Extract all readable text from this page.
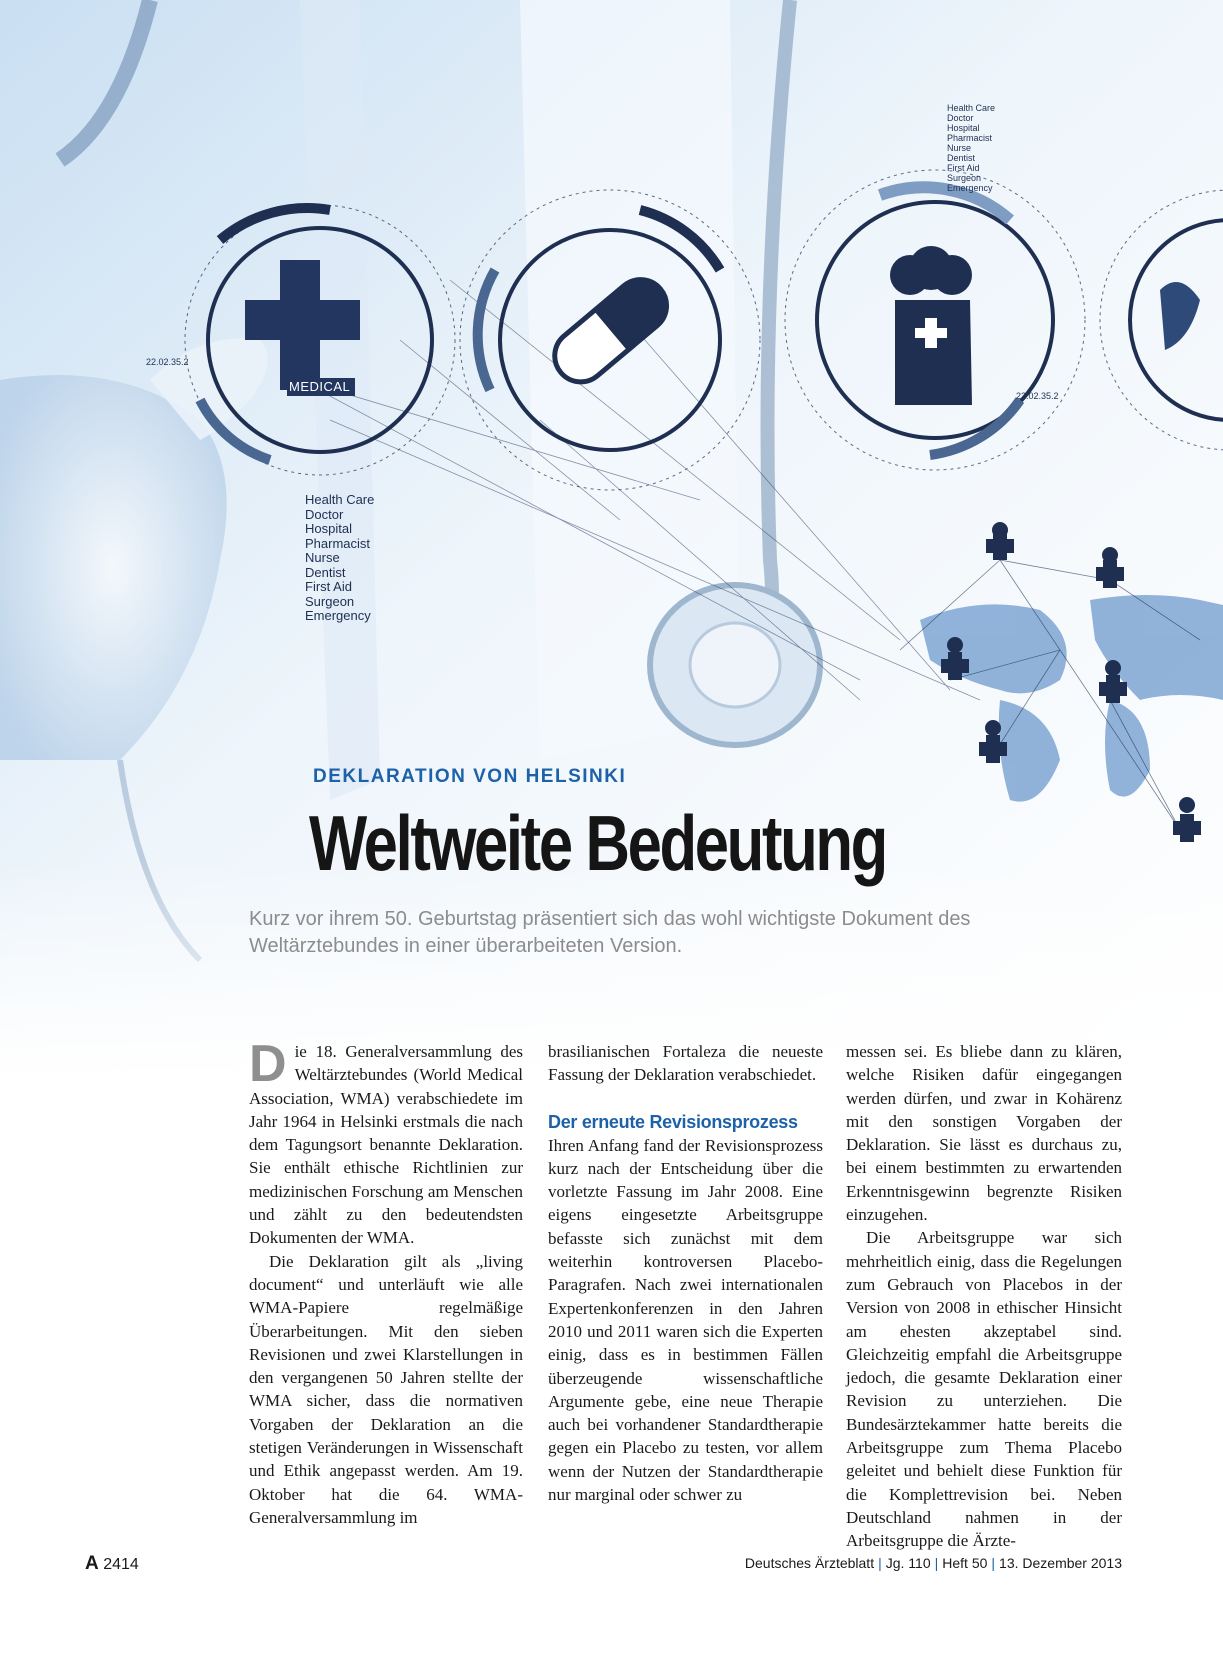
MEDICAL
22.02.35.2
22.02.35.2
Health Care
Doctor
Hospital
Pharmacist
Nurse
Dentist
First Aid
Surgeon
Emergency
Health Care
Doctor
Hospital
Pharmacist
Nurse
Dentist
First Aid
Surgeon
Emergency
DEKLARATION VON HELSINKI
Weltweite Bedeutung

Kurz vor ihrem 50. Geburtstag präsentiert sich das wohl wichtigste Dokument des Weltärztebundes in einer überarbeiteten Version.

Die 18. Generalversammlung des Weltärztebundes (World Medical Association, WMA) verabschiedete im Jahr 1964 in Helsinki erstmals die nach dem Tagungsort benannte Deklaration. Sie enthält ethische Richtlinien zur medizinischen Forschung am Menschen und zählt zu den bedeutendsten Dokumenten der WMA.

Die Deklaration gilt als „living document“ und unterläuft wie alle WMA-Papiere regelmäßige Überarbeitungen. Mit den sieben Revisionen und zwei Klarstellungen in den vergangenen 50 Jahren stellte der WMA sicher, dass die normativen Vorgaben der Deklaration an die stetigen Veränderungen in Wissenschaft und Ethik angepasst werden. Am 19. Oktober hat die 64. WMA-Generalversammlung im

brasilianischen Fortaleza die neueste Fassung der Deklaration verabschiedet.

Der erneute Revisionsprozess

Ihren Anfang fand der Revisionsprozess kurz nach der Entscheidung über die vorletzte Fassung im Jahr 2008. Eine eigens eingesetzte Arbeitsgruppe befasste sich zunächst mit dem weiterhin kontroversen Placebo-Paragrafen. Nach zwei internationalen Expertenkonferenzen in den Jahren 2010 und 2011 waren sich die Experten einig, dass es in bestimmen Fällen überzeugende wissenschaftliche Argumente gebe, eine neue Therapie auch bei vorhandener Standardtherapie gegen ein Placebo zu testen, vor allem wenn der Nutzen der Standardtherapie nur marginal oder schwer zu

messen sei. Es bliebe dann zu klären, welche Risiken dafür eingegangen werden dürfen, und zwar in Kohärenz mit den sonstigen Vorgaben der Deklaration. Sie lässt es durchaus zu, bei einem bestimmten zu erwartenden Erkenntnisgewinn begrenzte Risiken einzugehen.

Die Arbeitsgruppe war sich mehrheitlich einig, dass die Regelungen zum Gebrauch von Placebos in der Version von 2008 in ethischer Hinsicht am ehesten akzeptabel sind. Gleichzeitig empfahl die Arbeitsgruppe jedoch, die gesamte Deklaration einer Revision zu unterziehen. Die Bundesärztekammer hatte bereits die Arbeitsgruppe zum Thema Placebo geleitet und behielt diese Funktion für die Komplettrevision bei. Neben Deutschland nahmen in der Arbeitsgruppe die Ärzte-

A 2414	Deutsches Ärzteblatt | Jg. 110 | Heft 50 | 13. Dezember 2013
